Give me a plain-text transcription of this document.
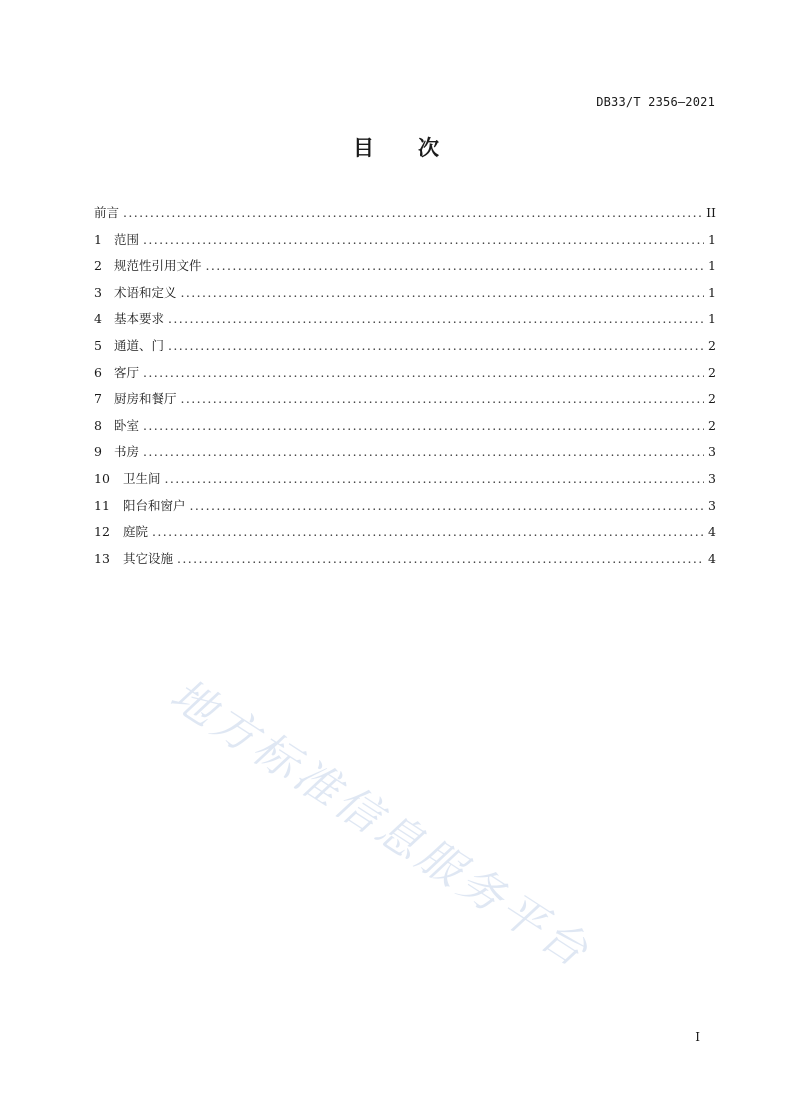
DB33/T 2356—2021
目 次
前言 .....	II
1 范围 .....	1
2 规范性引用文件 .....	1
3 术语和定义 .....	1
4 基本要求 .....	1
5 通道、门 .....	2
6 客厅 .....	2
7 厨房和餐厅 .....	2
8 卧室 .....	2
9 书房 .....	3
10	卫生间 .....	3
11	阳台和窗户 .....	3
12	庭院 .....	4
13	其它设施 .....	4
地方标准信息服务平台
I
